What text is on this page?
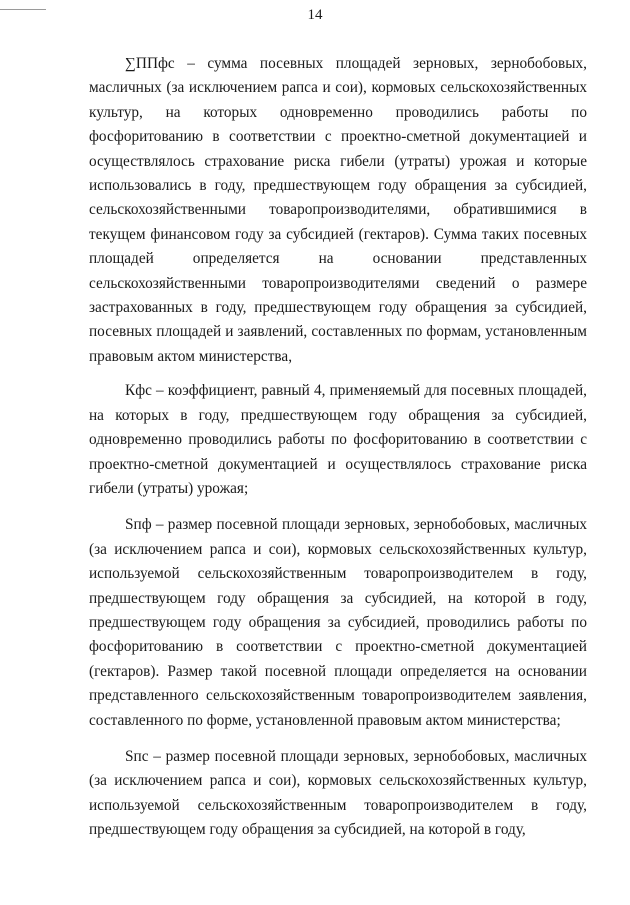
14

∑ППфс – сумма посевных площадей зерновых, зернобобовых, масличных (за исключением рапса и сои), кормовых сельскохозяйственных культур, на которых одновременно проводились работы по фосфоритованию в соответствии с проектно-сметной документацией и осуществлялось страхование риска гибели (утраты) урожая и которые использовались в году, предшествующем году обращения за субсидией, сельскохозяйственными товаропроизводителями, обратившимися в текущем финансовом году за субсидией (гектаров). Сумма таких посевных площадей определяется на основании представленных сельскохозяйственными товаропроизводителями сведений о размере застрахованных в году, предшествующем году обращения за субсидией, посевных площадей и заявлений, составленных по формам, установленным правовым актом министерства,

Кфс – коэффициент, равный 4, применяемый для посевных площадей, на которых в году, предшествующем году обращения за субсидией, одновременно проводились работы по фосфоритованию в соответствии с проектно-сметной документацией и осуществлялось страхование риска гибели (утраты) урожая;

Sпф – размер посевной площади зерновых, зернобобовых, масличных (за исключением рапса и сои), кормовых сельскохозяйственных культур, используемой сельскохозяйственным товаропроизводителем в году, предшествующем году обращения за субсидией, на которой в году, предшествующем году обращения за субсидией, проводились работы по фосфоритованию в соответствии с проектно-сметной документацией (гектаров). Размер такой посевной площади определяется на основании представленного сельскохозяйственным товаропроизводителем заявления, составленного по форме, установленной правовым актом министерства;

Sпс – размер посевной площади зерновых, зернобобовых, масличных (за исключением рапса и сои), кормовых сельскохозяйственных культур, используемой сельскохозяйственным товаропроизводителем в году, предшествующем году обращения за субсидией, на которой в году,
